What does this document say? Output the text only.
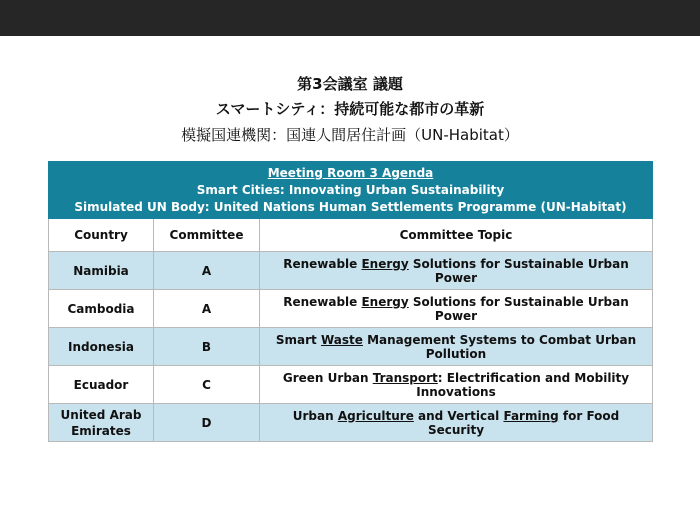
第3会議室 議題
スマートシティ：持続可能な都市の革新
模擬国連機関：国連人間居住計画（UN-Habitat）
Meeting Room 3 Agenda
Smart Cities: Innovating Urban Sustainability
Simulated UN Body: United Nations Human Settlements Programme (UN-Habitat)		

Country	Committee	Committee Topic
Namibia	A	Renewable Energy Solutions for Sustainable Urban Power
Cambodia	A	Renewable Energy Solutions for Sustainable Urban Power
Indonesia	B	Smart Waste Management Systems to Combat Urban Pollution
Ecuador	C	Green Urban Transport: Electrification and Mobility Innovations
United Arab Emirates	D	Urban Agriculture and Vertical Farming for Food Security
